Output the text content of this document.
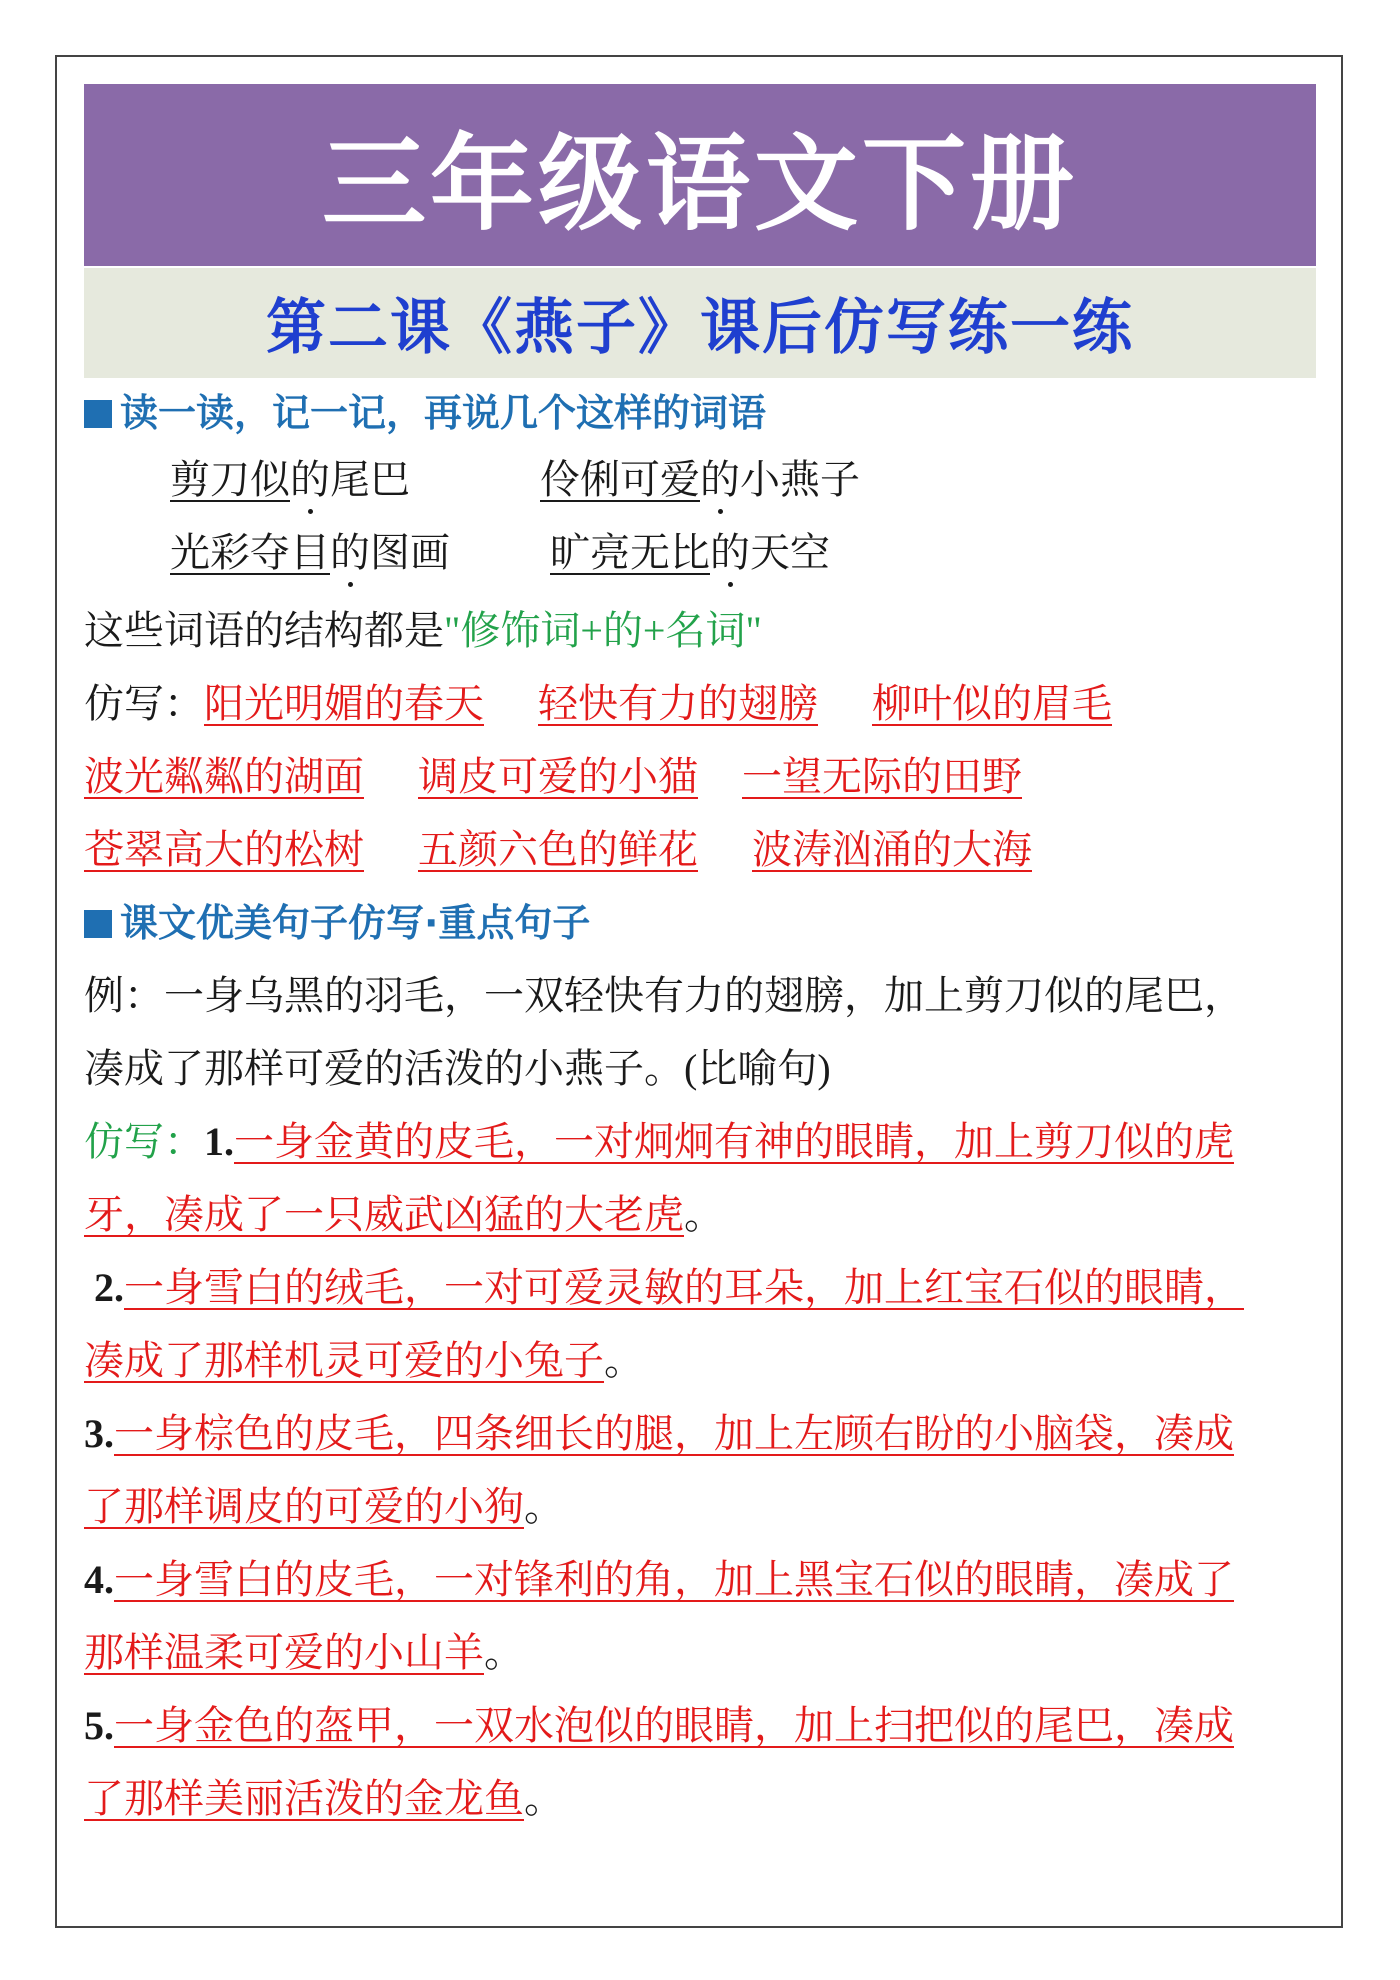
三年级语文下册
第二课《燕子》课后仿写练一练
读一读，记一记，再说几个这样的词语
剪刀似的尾巴	伶俐可爱的小燕子
光彩夺目的图画	旷亮无比的天空
这些词语的结构都是"修饰词+的+名词"
仿写：阳光明媚的春天 轻快有力的翅膀 柳叶似的眉毛
波光粼粼的湖面 调皮可爱的小猫 一望无际的田野
苍翠高大的松树 五颜六色的鲜花 波涛汹涌的大海
课文优美句子仿写·重点句子
例：一身乌黑的羽毛，一双轻快有力的翅膀，加上剪刀似的尾巴，
凑成了那样可爱的活泼的小燕子。(比喻句)
仿写：1.一身金黄的皮毛，一对炯炯有神的眼睛，加上剪刀似的虎
牙，凑成了一只威武凶猛的大老虎。
2.一身雪白的绒毛，一对可爱灵敏的耳朵，加上红宝石似的眼睛，
凑成了那样机灵可爱的小兔子。
3.一身棕色的皮毛，四条细长的腿，加上左顾右盼的小脑袋，凑成
了那样调皮的可爱的小狗。
4.一身雪白的皮毛，一对锋利的角，加上黑宝石似的眼睛，凑成了
那样温柔可爱的小山羊。
5.一身金色的盔甲，一双水泡似的眼睛，加上扫把似的尾巴，凑成
了那样美丽活泼的金龙鱼。
